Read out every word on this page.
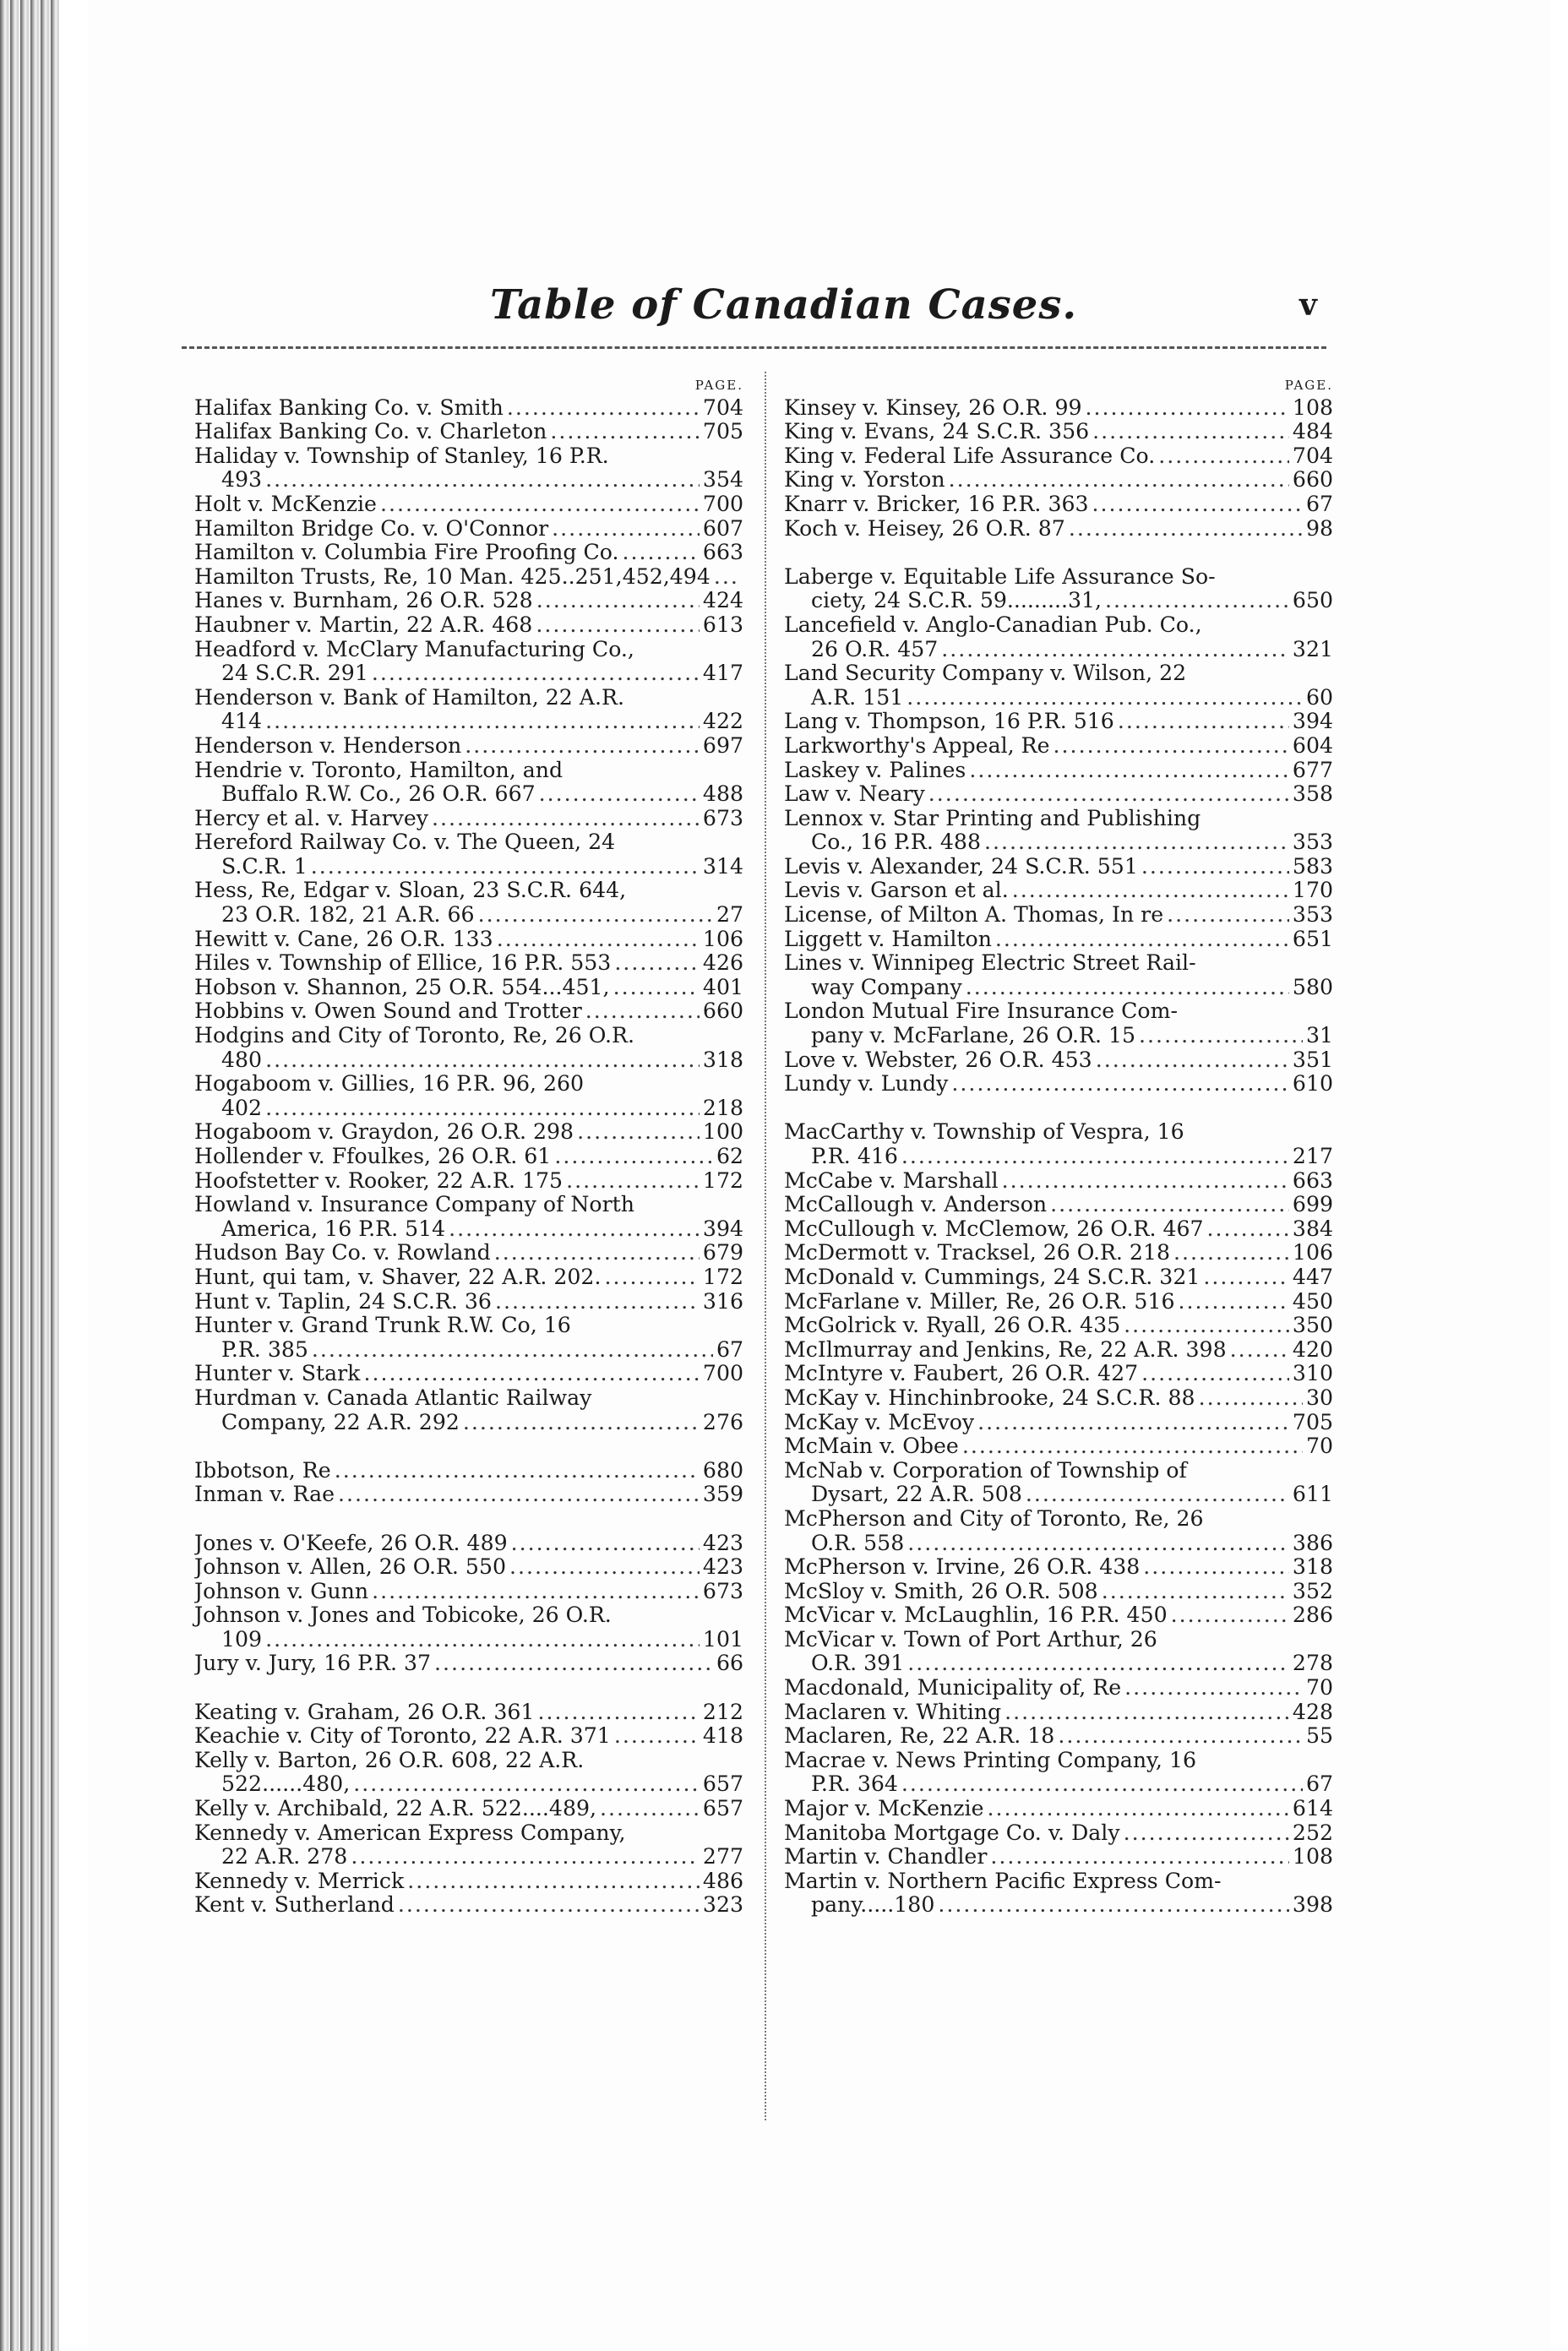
Table of Canadian Cases.	v
PAGE.
Halifax Banking Co. v. Smith .....	704
Halifax Banking Co. v. Charleton .....	705
Haliday v. Township of Stanley, 16 P.R.
493 .....	354
Holt v. McKenzie .....	700
Hamilton Bridge Co. v. O'Connor .....	607
Hamilton v. Columbia Fire Proofing Co. .....	663
Hamilton Trusts, Re, 10 Man. 425..251,452,494
.....
Hanes v. Burnham, 26 O.R. 528 .....	424
Haubner v. Martin, 22 A.R. 468 .....	613
Headford v. McClary Manufacturing Co.,
24 S.C.R. 291 .....	417
Henderson v. Bank of Hamilton, 22 A.R.
414 .....	422
Henderson v. Henderson .....	697
Hendrie v. Toronto, Hamilton, and
Buffalo R.W. Co., 26 O.R. 667 .....	488
Hercy et al. v. Harvey .....	673
Hereford Railway Co. v. The Queen, 24
S.C.R. 1 .....	314
Hess, Re, Edgar v. Sloan, 23 S.C.R. 644,
23 O.R. 182, 21 A.R. 66 .....	27
Hewitt v. Cane, 26 O.R. 133 .....	106
Hiles v. Township of Ellice, 16 P.R. 553 .....	426
Hobson v. Shannon, 25 O.R. 554...451, .....	401
Hobbins v. Owen Sound and Trotter .....	660
Hodgins and City of Toronto, Re, 26 O.R.
480 .....	318
Hogaboom v. Gillies, 16 P.R. 96, 260
402 .....	218
Hogaboom v. Graydon, 26 O.R. 298 .....	100
Hollender v. Ffoulkes, 26 O.R. 61 .....	62
Hoofstetter v. Rooker, 22 A.R. 175 .....	172
Howland v. Insurance Company of North
America, 16 P.R. 514 .....	394
Hudson Bay Co. v. Rowland .....	679
Hunt, qui tam, v. Shaver, 22 A.R. 202. .....	172
Hunt v. Taplin, 24 S.C.R. 36 .....	316
Hunter v. Grand Trunk R.W. Co, 16
P.R. 385 .....	67
Hunter v. Stark .....	700
Hurdman v. Canada Atlantic Railway
Company, 22 A.R. 292 .....	276
Ibbotson, Re .....	680
Inman v. Rae .....	359
Jones v. O'Keefe, 26 O.R. 489 .....	423
Johnson v. Allen, 26 O.R. 550 .....	423
Johnson v. Gunn .....	673
Johnson v. Jones and Tobicoke, 26 O.R.
109 .....	101
Jury v. Jury, 16 P.R. 37 .....	66
Keating v. Graham, 26 O.R. 361 .....	212
Keachie v. City of Toronto, 22 A.R. 371 .....	418
Kelly v. Barton, 26 O.R. 608, 22 A.R.
522......480, .....	657
Kelly v. Archibald, 22 A.R. 522....489, .....	657
Kennedy v. American Express Company,
22 A.R. 278 .....	277
Kennedy v. Merrick .....	486
Kent v. Sutherland .....	323
PAGE.
Kinsey v. Kinsey, 26 O.R. 99 .....	108
King v. Evans, 24 S.C.R. 356 .....	484
King v. Federal Life Assurance Co. .....	704
King v. Yorston .....	660
Knarr v. Bricker, 16 P.R. 363 .....	67
Koch v. Heisey, 26 O.R. 87 .....	98
Laberge v. Equitable Life Assurance So-
ciety, 24 S.C.R. 59.........31, .....	650
Lancefield v. Anglo-Canadian Pub. Co.,
26 O.R. 457 .....	321
Land Security Company v. Wilson, 22
A.R. 151 .....	60
Lang v. Thompson, 16 P.R. 516 .....	394
Larkworthy's Appeal, Re .....	604
Laskey v. Palines .....	677
Law v. Neary .....	358
Lennox v. Star Printing and Publishing
Co., 16 P.R. 488 .....	353
Levis v. Alexander, 24 S.C.R. 551 .....	583
Levis v. Garson et al. .....	170
License, of Milton A. Thomas, In re .....	353
Liggett v. Hamilton .....	651
Lines v. Winnipeg Electric Street Rail-
way Company .....	580
London Mutual Fire Insurance Com-
pany v. McFarlane, 26 O.R. 15 .....	31
Love v. Webster, 26 O.R. 453 .....	351
Lundy v. Lundy .....	610
MacCarthy v. Township of Vespra, 16
P.R. 416 .....	217
McCabe v. Marshall .....	663
McCallough v. Anderson .....	699
McCullough v. McClemow, 26 O.R. 467 .....	384
McDermott v. Tracksel, 26 O.R. 218 .....	106
McDonald v. Cummings, 24 S.C.R. 321 .....	447
McFarlane v. Miller, Re, 26 O.R. 516 .....	450
McGolrick v. Ryall, 26 O.R. 435 .....	350
McIlmurray and Jenkins, Re, 22 A.R. 398 .....	420
McIntyre v. Faubert, 26 O.R. 427 .....	310
McKay v. Hinchinbrooke, 24 S.C.R. 88 .....	30
McKay v. McEvoy .....	705
McMain v. Obee .....	70
McNab v. Corporation of Township of
Dysart, 22 A.R. 508 .....	611
McPherson and City of Toronto, Re, 26
O.R. 558 .....	386
McPherson v. Irvine, 26 O.R. 438 .....	318
McSloy v. Smith, 26 O.R. 508 .....	352
McVicar v. McLaughlin, 16 P.R. 450 .....	286
McVicar v. Town of Port Arthur, 26
O.R. 391 .....	278
Macdonald, Municipality of, Re .....	70
Maclaren v. Whiting .....	428
Maclaren, Re, 22 A.R. 18 .....	55
Macrae v. News Printing Company, 16
P.R. 364 .....	67
Major v. McKenzie .....	614
Manitoba Mortgage Co. v. Daly .....	252
Martin v. Chandler .....	108
Martin v. Northern Pacific Express Com-
pany.....180 .....	398
